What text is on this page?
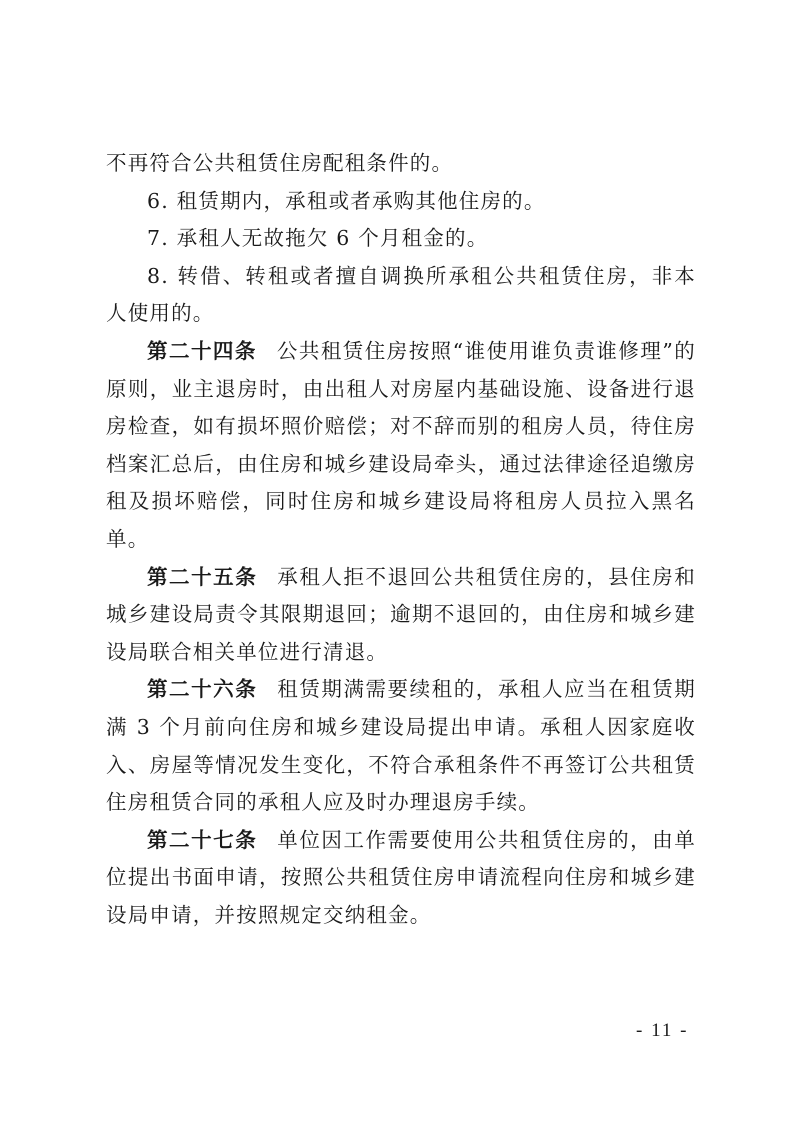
不再符合公共租赁住房配租条件的。

6. 租赁期内，承租或者承购其他住房的。

7. 承租人无故拖欠 6 个月租金的。

8. 转借、转租或者擅自调换所承租公共租赁住房，非本人使用的。

第二十四条 公共租赁住房按照“谁使用谁负责谁修理”的原则，业主退房时，由出租人对房屋内基础设施、设备进行退房检查，如有损坏照价赔偿；对不辞而别的租房人员，待住房档案汇总后，由住房和城乡建设局牵头，通过法律途径追缴房租及损坏赔偿，同时住房和城乡建设局将租房人员拉入黑名单。

第二十五条 承租人拒不退回公共租赁住房的，县住房和城乡建设局责令其限期退回；逾期不退回的，由住房和城乡建设局联合相关单位进行清退。

第二十六条 租赁期满需要续租的，承租人应当在租赁期满 3 个月前向住房和城乡建设局提出申请。承租人因家庭收入、房屋等情况发生变化，不符合承租条件不再签订公共租赁住房租赁合同的承租人应及时办理退房手续。

第二十七条 单位因工作需要使用公共租赁住房的，由单位提出书面申请，按照公共租赁住房申请流程向住房和城乡建设局申请，并按照规定交纳租金。

- 11 -
